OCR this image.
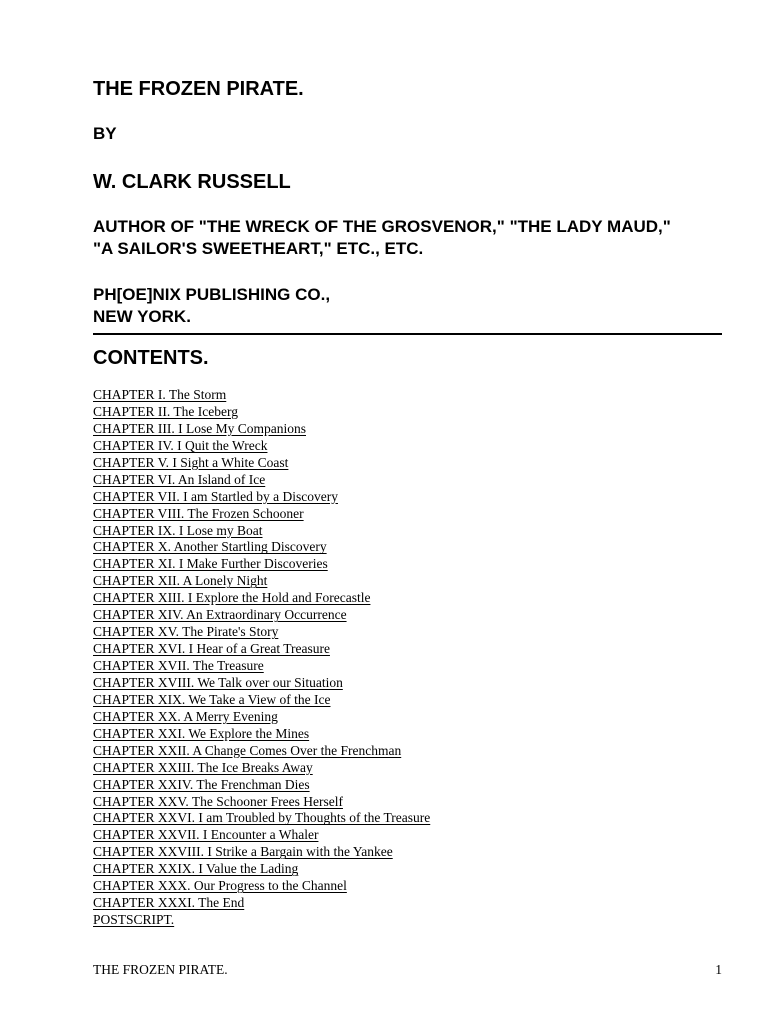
THE FROZEN PIRATE.
BY
W. CLARK RUSSELL
AUTHOR OF "THE WRECK OF THE GROSVENOR," "THE LADY MAUD,"
"A SAILOR'S SWEETHEART," ETC., ETC.
PH[OE]NIX PUBLISHING CO.,
NEW YORK.
CONTENTS.
CHAPTER I. The Storm
CHAPTER II. The Iceberg
CHAPTER III. I Lose My Companions
CHAPTER IV. I Quit the Wreck
CHAPTER V. I Sight a White Coast
CHAPTER VI. An Island of Ice
CHAPTER VII. I am Startled by a Discovery
CHAPTER VIII. The Frozen Schooner
CHAPTER IX. I Lose my Boat
CHAPTER X. Another Startling Discovery
CHAPTER XI. I Make Further Discoveries
CHAPTER XII. A Lonely Night
CHAPTER XIII. I Explore the Hold and Forecastle
CHAPTER XIV. An Extraordinary Occurrence
CHAPTER XV. The Pirate's Story
CHAPTER XVI. I Hear of a Great Treasure
CHAPTER XVII. The Treasure
CHAPTER XVIII. We Talk over our Situation
CHAPTER XIX. We Take a View of the Ice
CHAPTER XX. A Merry Evening
CHAPTER XXI. We Explore the Mines
CHAPTER XXII. A Change Comes Over the Frenchman
CHAPTER XXIII. The Ice Breaks Away
CHAPTER XXIV. The Frenchman Dies
CHAPTER XXV. The Schooner Frees Herself
CHAPTER XXVI. I am Troubled by Thoughts of the Treasure
CHAPTER XXVII. I Encounter a Whaler
CHAPTER XXVIII. I Strike a Bargain with the Yankee
CHAPTER XXIX. I Value the Lading
CHAPTER XXX. Our Progress to the Channel
CHAPTER XXXI. The End
POSTSCRIPT.
THE FROZEN PIRATE.	1
